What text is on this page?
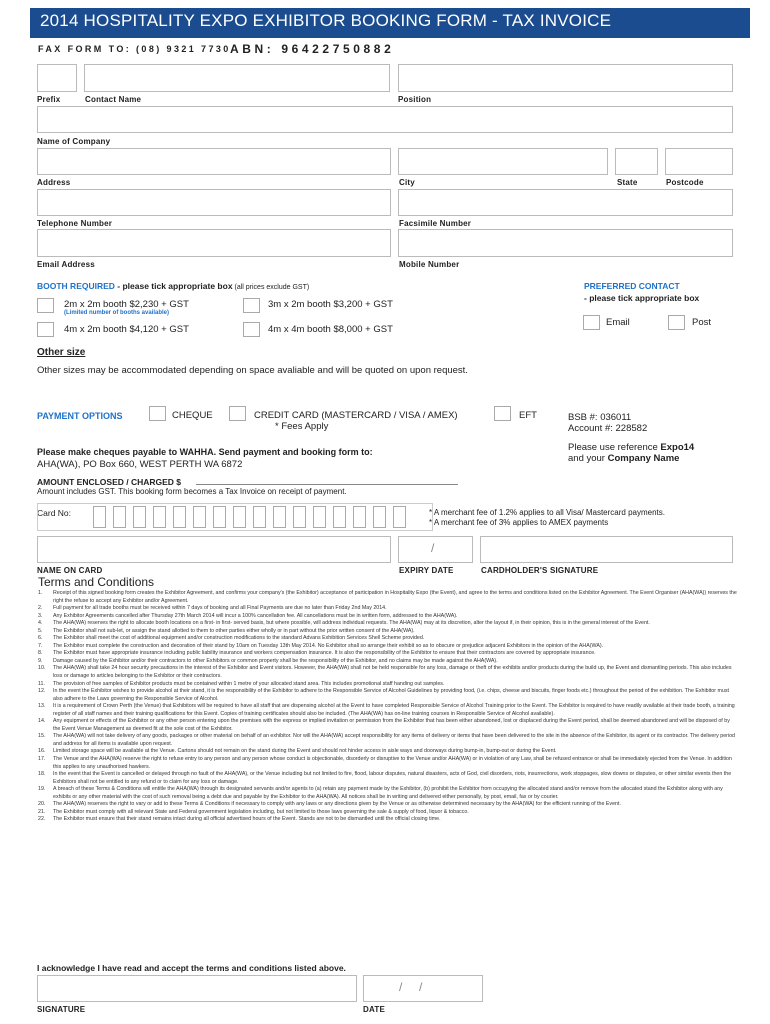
2014 HOSPITALITY EXPO EXHIBITOR BOOKING FORM - TAX INVOICE
FAX FORM TO: (08) 9321 7730 ABN: 96422750882
Prefix	Contact Name	Position
Name of Company
Address	City	State	Postcode
Telephone Number	Facsimile Number
Email Address	Mobile Number
BOOTH REQUIRED - please tick appropriate box (all prices exclude GST)
2m x 2m booth $2,230 + GST
(Limited number of booths available)
3m x 2m booth $3,200 + GST
4m x 2m booth $4,120 + GST	4m x 4m booth $8,000 + GST
PREFERRED CONTACT
- please tick appropriate box
Email	Post
Other size
Other sizes may be accommodated depending on space avaliable and will be quoted on upon request.
PAYMENT OPTIONS	CHEQUE	CREDIT CARD (MASTERCARD / VISA / AMEX)
* Fees Apply
EFT	BSB #: 036011
Account #: 228582
Please use reference Expo14
and your Company Name
Please make cheques payable to WAHHA. Send payment and booking form to:
AHA(WA), PO Box 660, WEST PERTH WA 6872
AMOUNT ENCLOSED / CHARGED $
Amount includes GST. This booking form becomes a Tax Invoice on receipt of payment.
Card No:	* A merchant fee of 1.2% applies to all Visa/ Mastercard payments.
* A merchant fee of 3% applies to AMEX payments
/
NAME ON CARD	EXPIRY DATE	CARDHOLDER'S SIGNATURE
Terms and Conditions
1.	Receipt of this signed booking form creates the Exhibitor Agreement, and confirms your company's (the Exhibitor) acceptance of participation in Hospitality Expo (the Event), and agree to the terms and conditions listed on the Exhibitor Agreement. The Event Organiser (AHA(WA)) reserves the right the refuse to accept any Exhibitor and/or Agreement.
2.	Full payment for all trade booths must be received within 7 days of booking and all Final Payments are due no later than Friday 2nd May 2014.
3.	Any Exhibitor Agreements cancelled after Thursday 27th March 2014 will incur a 100% cancellation fee. All cancellations must be in written form, addressed to the AHA(WA).
4.	The AHA(WA) reserves the right to allocate booth locations on a first- in first- served basis, but where possible, will address individual requests. The AHA(WA) may at its discretion, alter the layout if, in their opinion, this is in the general interest of the Event.
5.	The Exhibitor shall not sub-let, or assign the stand allotted to them to other parties either wholly or in part without the prior written consent of the AHA(WA).
6.	The Exhibitor shall meet the cost of additional equipment and/or construction modifications to the standard Advans Exhibition Services Shell Scheme provided.
7.	The Exhibitor must complete the construction and decoration of their stand by 10am on Tuesday 13th May 2014. No Exhibitor shall so arrange their exhibit so as to obscure or prejudice adjacent Exhibitors in the opinion of the AHA(WA).
8.	The Exhibitor must have appropriate insurance including public liability insurance and workers compensation insurance. It is also the responsibility of the Exhibitor to ensure that their contractors are covered by appropriate insurance.
9.	Damage caused by the Exhibitor and/or their contractors to other Exhibitors or common property shall be the responsibility of the Exhibitor, and no claims may be made against the AHA(WA).
10.	The AHA(WA) shall take 24 hour security precautions in the interest of the Exhibitor and Event visitors. However, the AHA(WA) shall not be held responsible for any loss, damage or theft of the exhibits and/or products during the build up, the Event and dismantling periods. This also includes loss or damage to articles belonging to the Exhibitor or their contractors.
11.	The provision of free samples of Exhibitor products must be contained within 1 metre of your allocated stand area. This includes promotional staff handing out samples.
12.	In the event the Exhibitor wishes to provide alcohol at their stand, it is the responsibility of the Exhibitor to adhere to the Responsible Service of Alcohol Guidelines by providing food, (i.e. chips, cheese and biscuits, finger foods etc.) throughout the period of the exhibition. The Exhibitor must also adhere to the Laws governing the Responsible Service of Alcohol.
13.	It is a requirement of Crown Perth (the Venue) that Exhibitors will be required to have all staff that are dispensing alcohol at the Event to have completed Responsible Service of Alcohol Training prior to the Event. The Exhibitor is required to have readily available at their trade booth, a training register of all staff names and their training qualifications for this Event. Copies of training certificates should also be included. (The AHA(WA) has on-line training courses in Responsible Service of Alcohol available).
14.	Any equipment or effects of the Exhibitor or any other person entering upon the premises with the express or implied invitation or permission from the Exhibitor that has been either abandoned, lost or displaced during the Event period, shall be deemed abandoned and will be disposed of by the Event Venue Management as deemed fit at the sole cost of the Exhibitor.
15.	The AHA(WA) will not take delivery of any goods, packages or other material on behalf of an exhibitor. Nor will the AHA(WA) accept responsibility for any items of delivery or items that have been delivered to the site in the absence of the Exhibitor, its agent or its contractor. The delivery period and address for all items is available upon request.
16.	Limited storage space will be available at the Venue. Cartons should not remain on the stand during the Event and should not hinder access in aisle ways and doorways during bump-in, bump-out or during the Event.
17.	The Venue and the AHA(WA) reserve the right to refuse entry to any person and any person whose conduct is objectionable, disorderly or disruptive to the Venue and/or AHA(WA) or in violation of any Law, shall be refused entrance or shall be immediately ejected from the Venue. In addition this applies to any unauthorised hawkers.
18.	In the event that the Event is cancelled or delayed through no fault of the AHA(WA), or the Venue including but not limited to fire, flood, labour disputes, natural disasters, acts of God, civil disorders, riots, insurrections, work stoppages, slow downs or disputes, or other similar events then the Exhibitors shall not be entitled to any refund or to claim for any loss or damage.
19.	A breach of these Terms & Conditions will entitle the AHA(WA) through its designated servants and/or agents to (a) retain any payment made by the Exhibitor, (b) prohibit the Exhibitor from occupying the allocated stand and/or remove from the allocated stand the Exhibitor along with any exhibits or any other material with the cost of such removal being a debt due and payable by the Exhibitor to the AHA(WA). All notices shall be in writing and delivered either personally, by post, email, fax or by courier.
20.	The AHA(WA) reserves the right to vary or add to these Terms & Conditions if necessary to comply with any laws or any directions given by the Venue or as otherwise determined necessary by the AHA(WA) for the efficient running of the Event.
21.	The Exhibitor must comply with all relevant State and Federal government legislation including, but not limited to those laws governing the sale & supply of food, liquor & tobacco.
22.	The Exhibitor must ensure that their stand remains intact during all official advertised hours of the Event. Stands are not to be dismantled until the official closing time.
I acknowledge I have read and accept the terms and conditions listed above.
/     /
SIGNATURE	DATE
